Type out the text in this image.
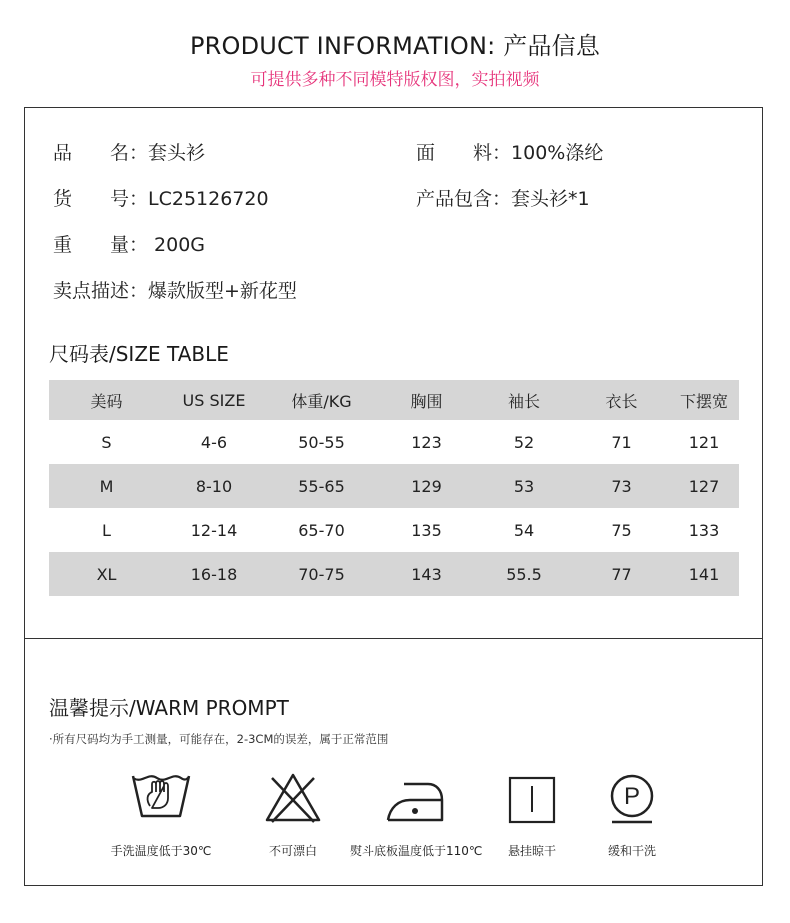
PRODUCT INFORMATION: 产品信息
可提供多种不同模特版权图，实拍视频
品　　名：套头衫	面　　料：100%涤纶
货　　号：LC25126720	产品包含：套头衫*1
重　　量： 200G
卖点描述：爆款版型+新花型
尺码表/SIZE TABLE
美码	US SIZE	体重/KG	胸围	袖长	衣长	下摆宽
S	4-6	50-55	123	52	71	121
M	8-10	55-65	129	53	73	127
L	12-14	65-70	135	54	75	133
XL	16-18	70-75	143	55.5	77	141
温馨提示/WARM PROMPT
·所有尺码均为手工测量，可能存在，2-3CM的误差，属于正常范围
手洗温度低于30℃	不可漂白	熨斗底板温度低于110℃	悬挂晾干
P
缓和干洗
